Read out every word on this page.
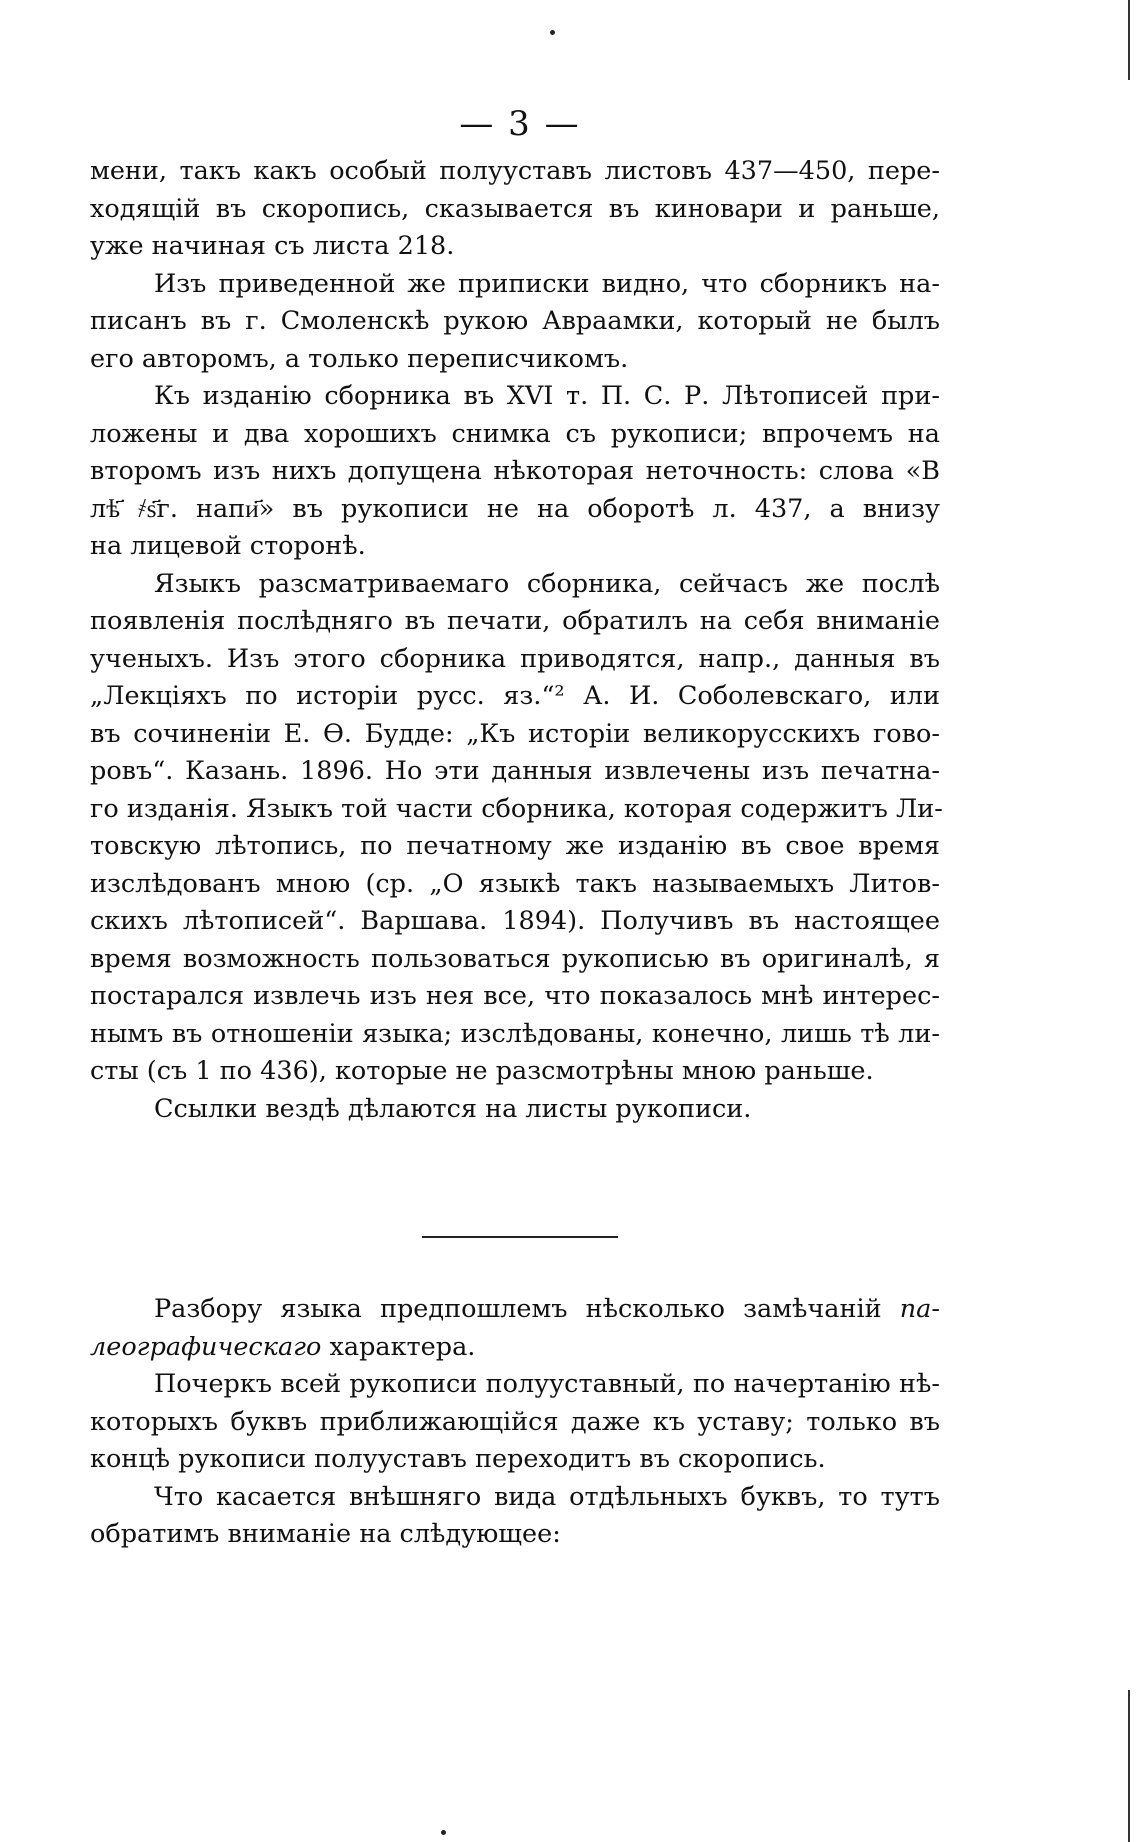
— 3 —
мени, такъ какъ особый полууставъ листовъ 437—450, пере-
ходящій въ скоропись, сказывается въ киновари и раньше,
уже начиная съ листа 218.
Изъ приведенной же приписки видно, что сборникъ на-
писанъ въ г. Смоленскѣ рукою Авраамки, который не былъ
его авторомъ, а только переписчикомъ.
Къ изданію сборника въ XVI т. П. С. Р. Лѣтописей при-
ложены и два хорошихъ снимка съ рукописи; впрочемъ на
второмъ изъ нихъ допущена нѣкоторая неточность: слова «В
лѣ҃ ҂ѕ҃г. напи҃» въ рукописи не на оборотѣ л. 437, а внизу
на лицевой сторонѣ.
Языкъ разсматриваемаго сборника, сейчасъ же послѣ
появленія послѣдняго въ печати, обратилъ на себя вниманіе
ученыхъ. Изъ этого сборника приводятся, напр., данныя въ
„Лекціяхъ по исторіи русс. яз.“² А. И. Соболевскаго, или
въ сочиненіи Е. Ѳ. Будде: „Къ исторіи великорусскихъ гово-
ровъ“. Казань. 1896. Но эти данныя извлечены изъ печатна-
го изданія. Языкъ той части сборника, которая содержитъ Ли-
товскую лѣтопись, по печатному же изданію въ свое время
изслѣдованъ мною (ср. „О языкѣ такъ называемыхъ Литов-
скихъ лѣтописей“. Варшава. 1894). Получивъ въ настоящее
время возможность пользоваться рукописью въ оригиналѣ, я
постарался извлечь изъ нея все, что показалось мнѣ интерес-
нымъ въ отношеніи языка; изслѣдованы, конечно, лишь тѣ ли-
сты (съ 1 по 436), которые не разсмотрѣны мною раньше.
Ссылки вездѣ дѣлаются на листы рукописи.
Разбору языка предпошлемъ нѣсколько замѣчаній па-
леографическаго характера.
Почеркъ всей рукописи полууставный, по начертанію нѣ-
которыхъ буквъ приближающійся даже къ уставу; только въ
концѣ рукописи полууставъ переходитъ въ скоропись.
Что касается внѣшняго вида отдѣльныхъ буквъ, то тутъ
обратимъ вниманіе на слѣдующее:
